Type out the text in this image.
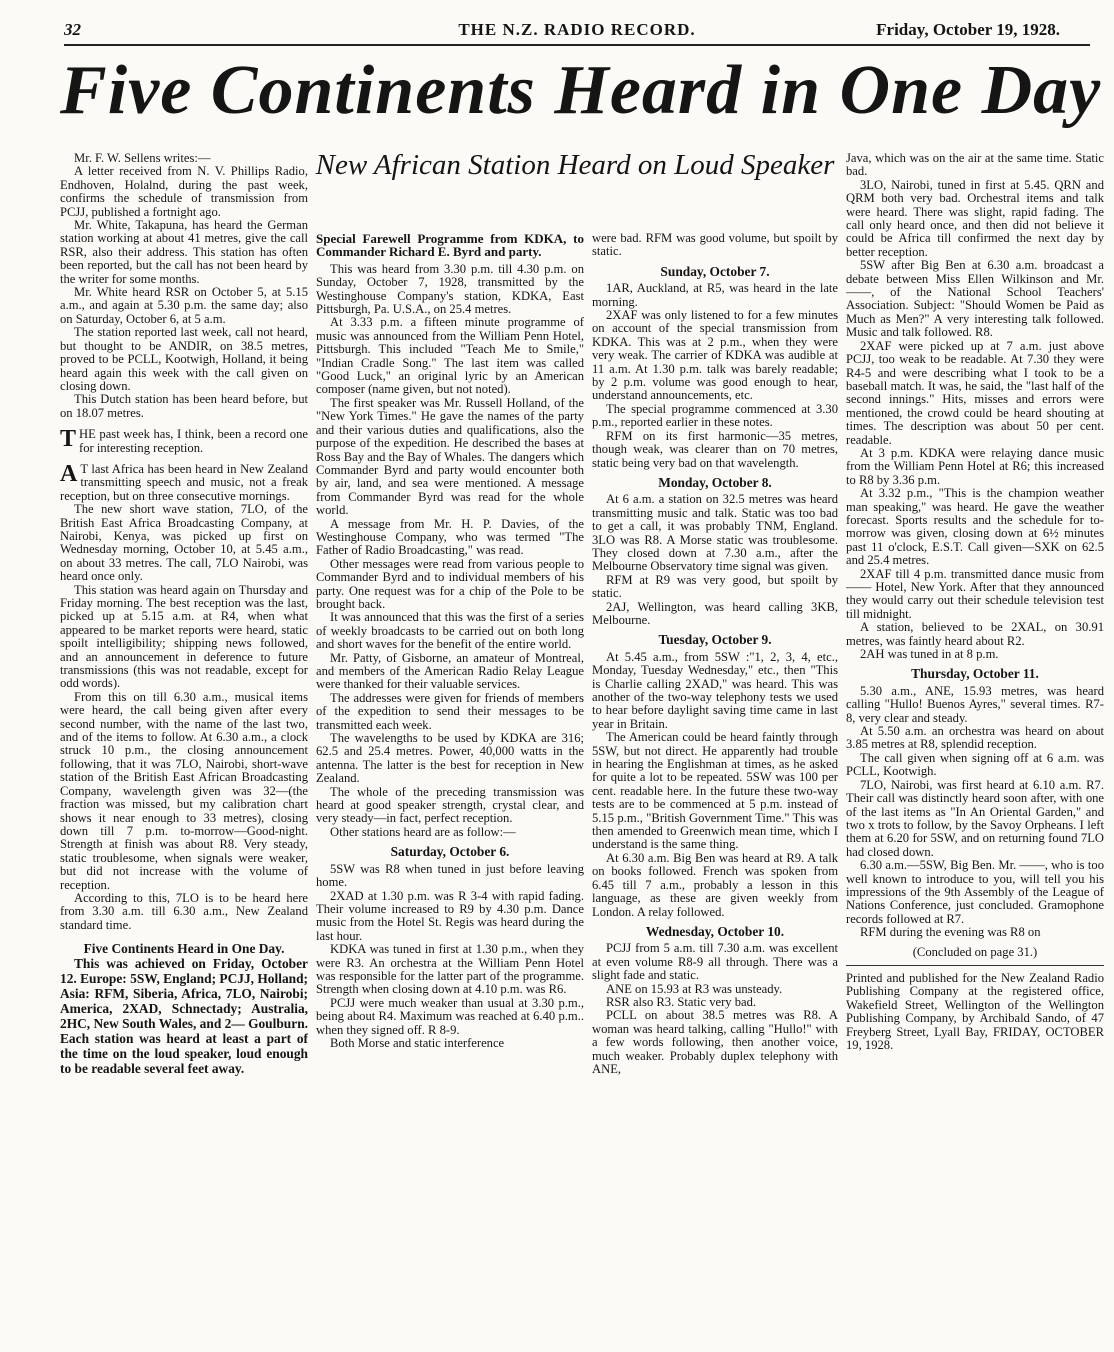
32	THE N.Z. RADIO RECORD.	Friday, October 19, 1928.
Five Continents Heard in One Day

Mr. F. W. Sellens writes:—

A letter received from N. V. Phillips Radio, Endhoven, Holalnd, during the past week, confirms the schedule of transmission from PCJJ, published a fortnight ago.

Mr. White, Takapuna, has heard the German station working at about 41 metres, give the call RSR, also their address. This station has often been reported, but the call has not been heard by the writer for some months.

Mr. White heard RSR on October 5, at 5.15 a.m., and again at 5.30 p.m. the same day; also on Saturday, October 6, at 5 a.m.

The station reported last week, call not heard, but thought to be ANDIR, on 38.5 metres, proved to be PCLL, Kootwigh, Holland, it being heard again this week with the call given on closing down.

This Dutch station has been heard before, but on 18.07 metres.

THE past week has, I think, been a record one for interesting reception.

A T last Africa has been heard in New Zealand transmitting speech and music, not a freak reception, but on three consecutive mornings.

The new short wave station, 7LO, of the British East Africa Broadcasting Company, at Nairobi, Kenya, was picked up first on Wednesday morning, October 10, at 5.45 a.m., on about 33 metres. The call, 7LO Nairobi, was heard once only.

This station was heard again on Thursday and Friday morning. The best reception was the last, picked up at 5.15 a.m. at R4, when what appeared to be market reports were heard, static spoilt intelligibility; shipping news followed, and an announcement in deference to future transmissions (this was not readable, except for odd words).

From this on till 6.30 a.m., musical items were heard, the call being given after every second number, with the name of the last two, and of the items to follow. At 6.30 a.m., a clock struck 10 p.m., the closing announcement following, that it was 7LO, Nairobi, short-wave station of the British East African Broadcasting Company, wavelength given was 32—(the fraction was missed, but my calibration chart shows it near enough to 33 metres), closing down till 7 p.m. to-morrow—Good-night. Strength at finish was about R8. Very steady, static troublesome, when signals were weaker, but did not increase with the volume of reception.

According to this, 7LO is to be heard here from 3.30 a.m. till 6.30 a.m., New Zealand standard time.

Five Continents Heard in One Day.

This was achieved on Friday, October 12. Europe: 5SW, England; PCJJ, Holland; Asia: RFM, Siberia, Africa, 7LO, Nairobi; America, 2XAD, Schnectady; Australia, 2HC, New South Wales, and 2— Goulburn. Each station was heard at least a part of the time on the loud speaker, loud enough to be readable several feet away.

New African Station Heard on Loud Speaker

Special Farewell Programme from KDKA, to Commander Richard E. Byrd and party.

This was heard from 3.30 p.m. till 4.30 p.m. on Sunday, October 7, 1928, transmitted by the Westinghouse Company's station, KDKA, East Pittsburgh, Pa. U.S.A., on 25.4 metres.

At 3.33 p.m. a fifteen minute programme of music was announced from the William Penn Hotel, Pittsburgh. This included "Teach Me to Smile," "Indian Cradle Song." The last item was called "Good Luck," an original lyric by an American composer (name given, but not noted).

The first speaker was Mr. Russell Holland, of the "New York Times." He gave the names of the party and their various duties and qualifications, also the purpose of the expedition. He described the bases at Ross Bay and the Bay of Whales. The dangers which Commander Byrd and party would encounter both by air, land, and sea were mentioned. A message from Commander Byrd was read for the whole world.

A message from Mr. H. P. Davies, of the Westinghouse Company, who was termed "The Father of Radio Broadcasting," was read.

Other messages were read from various people to Commander Byrd and to individual members of his party. One request was for a chip of the Pole to be brought back.

It was announced that this was the first of a series of weekly broadcasts to be carried out on both long and short waves for the benefit of the entire world.

Mr. Patty, of Gisborne, an amateur of Montreal, and members of the American Radio Relay League were thanked for their valuable services.

The addresses were given for friends of members of the expedition to send their messages to be transmitted each week.

The wavelengths to be used by KDKA are 316; 62.5 and 25.4 metres. Power, 40,000 watts in the antenna. The latter is the best for reception in New Zealand.

The whole of the preceding transmission was heard at good speaker strength, crystal clear, and very steady—in fact, perfect reception.

Other stations heard are as follow:—

Saturday, October 6.

5SW was R8 when tuned in just before leaving home.

2XAD at 1.30 p.m. was R 3-4 with rapid fading. Their volume increased to R9 by 4.30 p.m. Dance music from the Hotel St. Regis was heard during the last hour.

KDKA was tuned in first at 1.30 p.m., when they were R3. An orchestra at the William Penn Hotel was responsible for the latter part of the programme. Strength when closing down at 4.10 p.m. was R6.

PCJJ were much weaker than usual at 3.30 p.m., being about R4. Maximum was reached at 6.40 p.m.. when they signed off. R 8-9.

Both Morse and static interference

were bad. RFM was good volume, but spoilt by static.

Sunday, October 7.

1AR, Auckland, at R5, was heard in the late morning.

2XAF was only listened to for a few minutes on account of the special transmission from KDKA. This was at 2 p.m., when they were very weak. The carrier of KDKA was audible at 11 a.m. At 1.30 p.m. talk was barely readable; by 2 p.m. volume was good enough to hear, understand announcements, etc.

The special programme commenced at 3.30 p.m., reported earlier in these notes.

RFM on its first harmonic—35 metres, though weak, was clearer than on 70 metres, static being very bad on that wavelength.

Monday, October 8.

At 6 a.m. a station on 32.5 metres was heard transmitting music and talk. Static was too bad to get a call, it was probably TNM, England. 3LO was R8. A Morse static was troublesome. They closed down at 7.30 a.m., after the Melbourne Observatory time signal was given.

RFM at R9 was very good, but spoilt by static.

2AJ, Wellington, was heard calling 3KB, Melbourne.

Tuesday, October 9.

At 5.45 a.m., from 5SW :"1, 2, 3, 4, etc., Monday, Tuesday Wednesday," etc., then "This is Charlie calling 2XAD," was heard. This was another of the two-way telephony tests we used to hear before daylight saving time came in last year in Britain.

The American could be heard faintly through 5SW, but not direct. He apparently had trouble in hearing the Englishman at times, as he asked for quite a lot to be repeated. 5SW was 100 per cent. readable here. In the future these two-way tests are to be commenced at 5 p.m. instead of 5.15 p.m., "British Government Time." This was then amended to Greenwich mean time, which I understand is the same thing.

At 6.30 a.m. Big Ben was heard at R9. A talk on books followed. French was spoken from 6.45 till 7 a.m., probably a lesson in this language, as these are given weekly from London. A relay followed.

Wednesday, October 10.

PCJJ from 5 a.m. till 7.30 a.m. was excellent at even volume R8-9 all through. There was a slight fade and static.

ANE on 15.93 at R3 was unsteady.

RSR also R3. Static very bad.

PCLL on about 38.5 metres was R8. A woman was heard talking, calling "Hullo!" with a few words following, then another voice, much weaker. Probably duplex telephony with ANE,

Java, which was on the air at the same time. Static bad.

3LO, Nairobi, tuned in first at 5.45. QRN and QRM both very bad. Orchestral items and talk were heard. There was slight, rapid fading. The call only heard once, and then did not believe it could be Africa till confirmed the next day by better reception.

5SW after Big Ben at 6.30 a.m. broadcast a debate between Miss Ellen Wilkinson and Mr. ——, of the National School Teachers' Association. Subject: "Should Women be Paid as Much as Men?" A very interesting talk followed. Music and talk followed. R8.

2XAF were picked up at 7 a.m. just above PCJJ, too weak to be readable. At 7.30 they were R4-5 and were describing what I took to be a baseball match. It was, he said, the "last half of the second innings." Hits, misses and errors were mentioned, the crowd could be heard shouting at times. The description was about 50 per cent. readable.

At 3 p.m. KDKA were relaying dance music from the William Penn Hotel at R6; this increased to R8 by 3.36 p.m.

At 3.32 p.m., "This is the champion weather man speaking," was heard. He gave the weather forecast. Sports results and the schedule for to-morrow was given, closing down at 6½ minutes past 11 o'clock, E.S.T. Call given—SXK on 62.5 and 25.4 metres.

2XAF till 4 p.m. transmitted dance music from —— Hotel, New York. After that they announced they would carry out their schedule television test till midnight.

A station, believed to be 2XAL, on 30.91 metres, was faintly heard about R2.

2AH was tuned in at 8 p.m.

Thursday, October 11.

5.30 a.m., ANE, 15.93 metres, was heard calling "Hullo! Buenos Ayres," several times. R7-8, very clear and steady.

At 5.50 a.m. an orchestra was heard on about 3.85 metres at R8, splendid reception.

The call given when signing off at 6 a.m. was PCLL, Kootwigh.

7LO, Nairobi, was first heard at 6.10 a.m. R7. Their call was distinctly heard soon after, with one of the last items as "In An Oriental Garden," and two x trots to follow, by the Savoy Orpheans. I left them at 6.20 for 5SW, and on returning found 7LO had closed down.

6.30 a.m.—5SW, Big Ben. Mr. ——, who is too well known to introduce to you, will tell you his impressions of the 9th Assembly of the League of Nations Conference, just concluded. Gramophone records followed at R7.

RFM during the evening was R8 on

(Concluded on page 31.)

Printed and published for the New Zealand Radio Publishing Company at the registered office, Wakefield Street, Wellington of the Wellington Publishing Company, by Archibald Sando, of 47 Freyberg Street, Lyall Bay, FRIDAY, OCTOBER 19, 1928.
